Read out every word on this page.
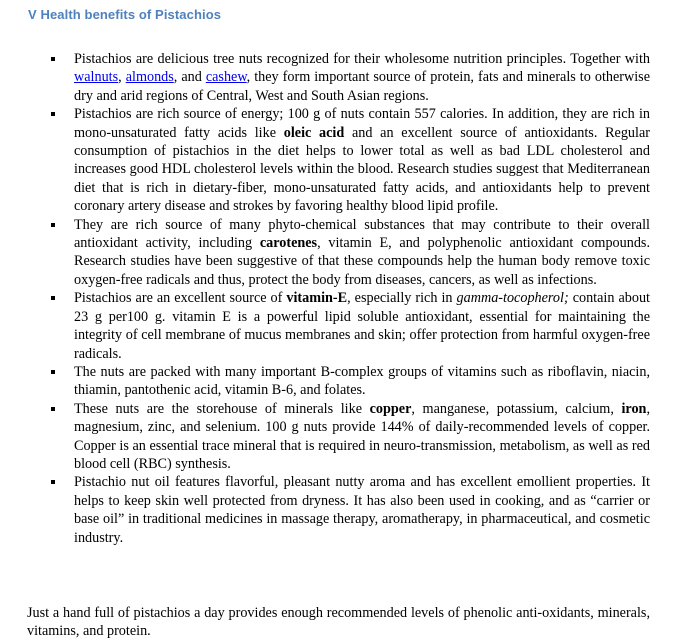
V Health benefits of Pistachios
Pistachios are delicious tree nuts recognized for their wholesome nutrition principles. Together with walnuts, almonds, and cashew, they form important source of protein, fats and minerals to otherwise dry and arid regions of Central, West and South Asian regions.
Pistachios are rich source of energy; 100 g of nuts contain 557 calories. In addition, they are rich in mono-unsaturated fatty acids like oleic acid and an excellent source of antioxidants. Regular consumption of pistachios in the diet helps to lower total as well as bad LDL cholesterol and increases good HDL cholesterol levels within the blood. Research studies suggest that Mediterranean diet that is rich in dietary-fiber, mono-unsaturated fatty acids, and antioxidants help to prevent coronary artery disease and strokes by favoring healthy blood lipid profile.
They are rich source of many phyto-chemical substances that may contribute to their overall antioxidant activity, including carotenes, vitamin E, and polyphenolic antioxidant compounds. Research studies have been suggestive of that these compounds help the human body remove toxic oxygen-free radicals and thus, protect the body from diseases, cancers, as well as infections.
Pistachios are an excellent source of vitamin-E, especially rich in gamma-tocopherol; contain about 23 g per100 g. vitamin E is a powerful lipid soluble antioxidant, essential for maintaining the integrity of cell membrane of mucus membranes and skin; offer protection from harmful oxygen-free radicals.
The nuts are packed with many important B-complex groups of vitamins such as riboflavin, niacin, thiamin, pantothenic acid, vitamin B-6, and folates.
These nuts are the storehouse of minerals like copper, manganese, potassium, calcium, iron, magnesium, zinc, and selenium. 100 g nuts provide 144% of daily-recommended levels of copper. Copper is an essential trace mineral that is required in neuro-transmission, metabolism, as well as red blood cell (RBC) synthesis.
Pistachio nut oil features flavorful, pleasant nutty aroma and has excellent emollient properties. It helps to keep skin well protected from dryness. It has also been used in cooking, and as “carrier or base oil” in traditional medicines in massage therapy, aromatherapy, in pharmaceutical, and cosmetic industry.

Just a hand full of pistachios a day provides enough recommended levels of phenolic anti-oxidants, minerals, vitamins, and protein.
